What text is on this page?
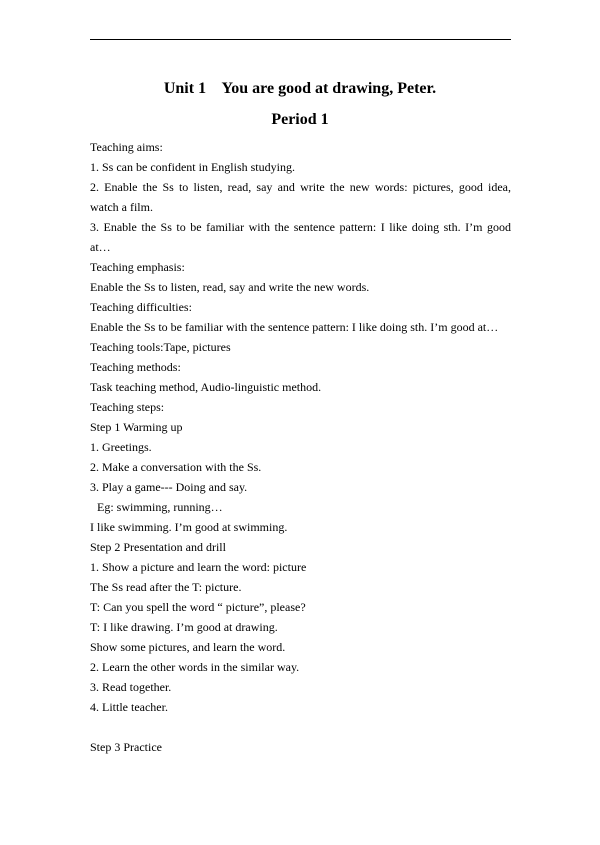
Unit 1    You are good at drawing, Peter.
Period 1
Teaching aims:
1. Ss can be confident in English studying.
2. Enable the Ss to listen, read, say and write the new words: pictures, good idea,
watch a film.
3. Enable the Ss to be familiar with the sentence pattern: I like doing sth. I’m good
at…
Teaching emphasis:
Enable the Ss to listen, read, say and write the new words.
Teaching difficulties:
Enable the Ss to be familiar with the sentence pattern: I like doing sth. I’m good at…
Teaching tools:Tape, pictures
Teaching methods:
Task teaching method, Audio-linguistic method.
Teaching steps:
Step 1 Warming up
1. Greetings.
2. Make a conversation with the Ss.
3. Play a game--- Doing and say.
Eg: swimming, running…
I like swimming. I’m good at swimming.
Step 2 Presentation and drill
1. Show a picture and learn the word: picture
The Ss read after the T: picture.
T: Can you spell the word “ picture”, please?
T: I like drawing. I’m good at drawing.
Show some pictures, and learn the word.
2. Learn the other words in the similar way.
3. Read together.
4. Little teacher.
Step 3 Practice
